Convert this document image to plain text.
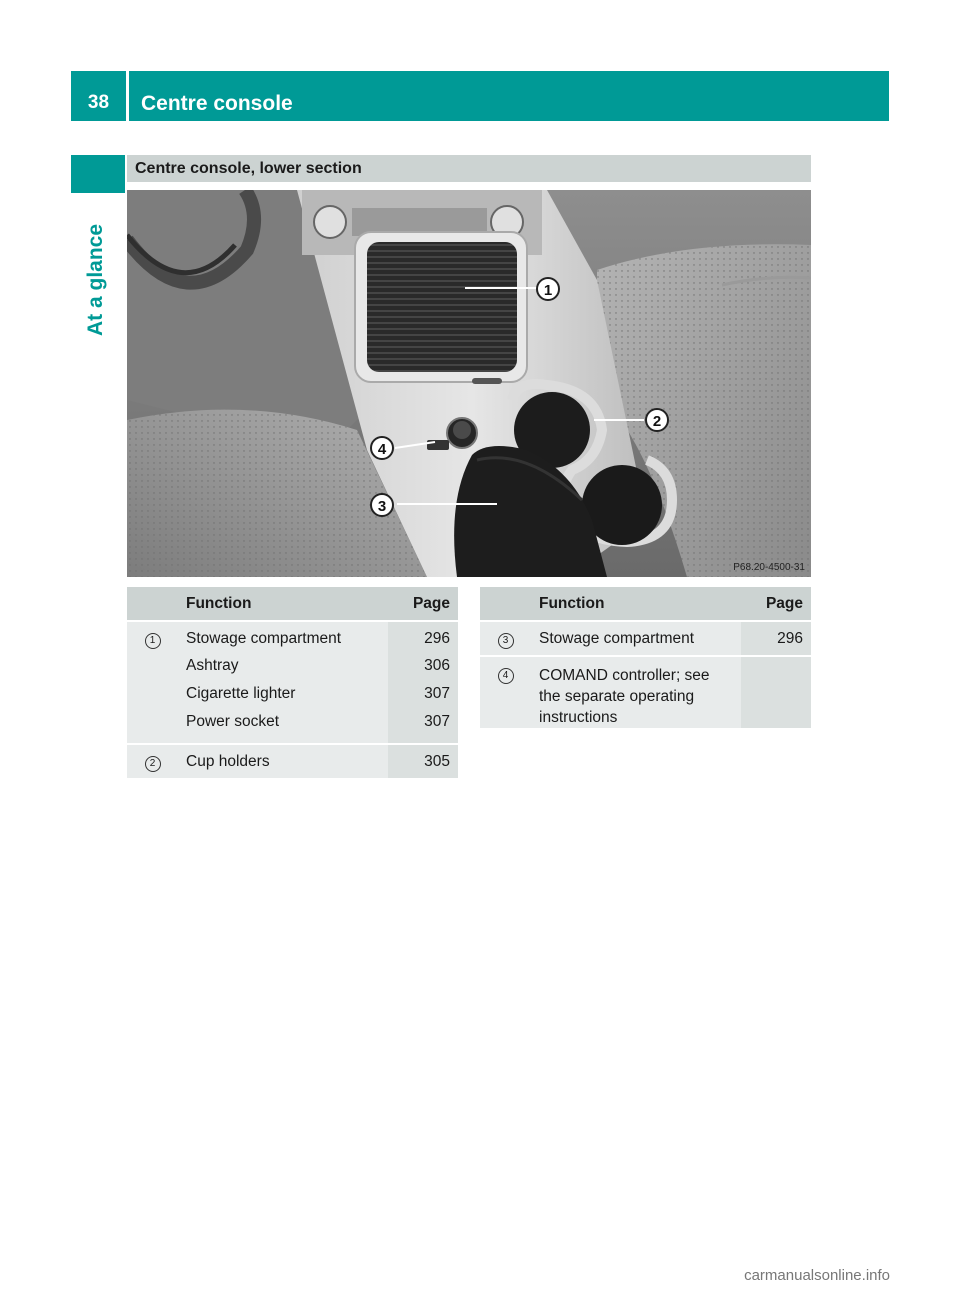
38	Centre console
At a glance
Centre console, lower section
1
2
3
4
P68.20-4500-31
	Function	Page
1	Stowage compartment	296
	Ashtray	306
	Cigarette lighter	307
	Power socket	307
2	Cup holders	305
	Function	Page
3	Stowage compartment	296
4	COMAND controller; see the separate operating instructions	
carmanualsonline.info
